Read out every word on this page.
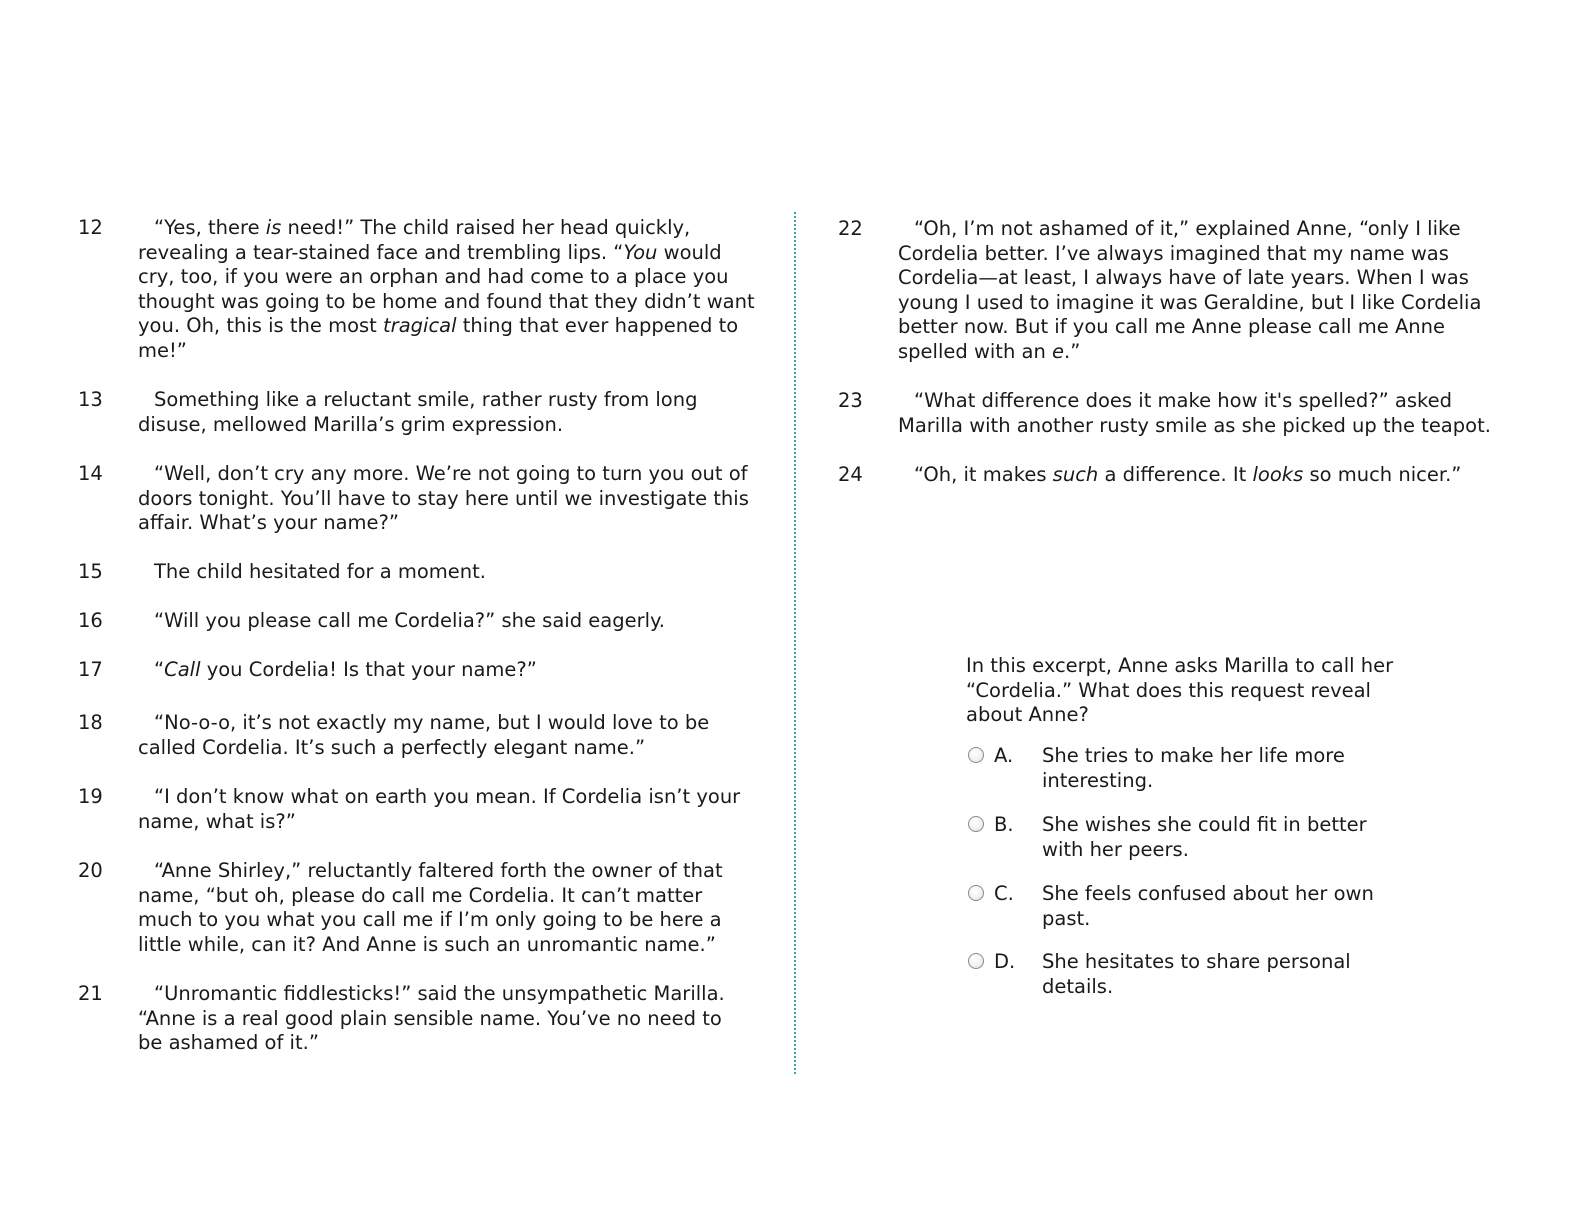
12	“Yes, there is need!” The child raised her head quickly,
revealing a tear-stained face and trembling lips. “You would
cry, too, if you were an orphan and had come to a place you
thought was going to be home and found that they didn’t want
you. Oh, this is the most tragical thing that ever happened to
me!”
13	Something like a reluctant smile, rather rusty from long
disuse, mellowed Marilla’s grim expression.
14	“Well, don’t cry any more. We’re not going to turn you out of
doors tonight. You’ll have to stay here until we investigate this
affair. What’s your name?”
15	The child hesitated for a moment.
16	“Will you please call me Cordelia?” she said eagerly.
17	“Call you Cordelia! Is that your name?”
18	“No-o-o, it’s not exactly my name, but I would love to be
called Cordelia. It’s such a perfectly elegant name.”
19	“I don’t know what on earth you mean. If Cordelia isn’t your
name, what is?”
20	“Anne Shirley,” reluctantly faltered forth the owner of that
name, “but oh, please do call me Cordelia. It can’t matter
much to you what you call me if I’m only going to be here a
little while, can it? And Anne is such an unromantic name.”
21	“Unromantic fiddlesticks!” said the unsympathetic Marilla.
“Anne is a real good plain sensible name. You’ve no need to
be ashamed of it.”
22	“Oh, I’m not ashamed of it,” explained Anne, “only I like
Cordelia better. I’ve always imagined that my name was
Cordelia—at least, I always have of late years. When I was
young I used to imagine it was Geraldine, but I like Cordelia
better now. But if you call me Anne please call me Anne
spelled with an e.”
23	“What difference does it make how it's spelled?” asked
Marilla with another rusty smile as she picked up the teapot.
24	“Oh, it makes such a difference. It looks so much nicer.”
In this excerpt, Anne asks Marilla to call her
“Cordelia.” What does this request reveal
about Anne?
A. She tries to make her life more
interesting.
B. She wishes she could fit in better
with her peers.
C. She feels confused about her own
past.
D. She hesitates to share personal
details.
